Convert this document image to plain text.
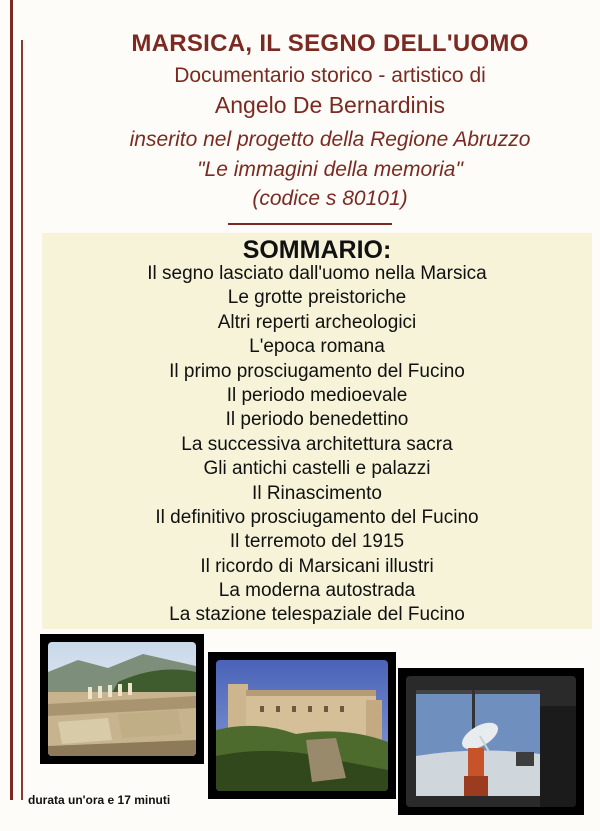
MARSICA, IL SEGNO DELL'UOMO
Documentario storico - artistico di
Angelo De Bernardinis
inserito nel progetto della Regione Abruzzo
"Le immagini della memoria"
(codice s 80101)
SOMMARIO:
Il segno lasciato dall'uomo nella Marsica
Le grotte preistoriche
Altri reperti archeologici
L'epoca romana
Il primo prosciugamento del Fucino
Il periodo medioevale
Il periodo benedettino
La successiva architettura sacra
Gli antichi castelli e palazzi
Il Rinascimento
Il definitivo prosciugamento del Fucino
Il terremoto del 1915
Il ricordo di Marsicani illustri
La moderna autostrada
La stazione telespaziale del Fucino
durata un'ora e 17 minuti
